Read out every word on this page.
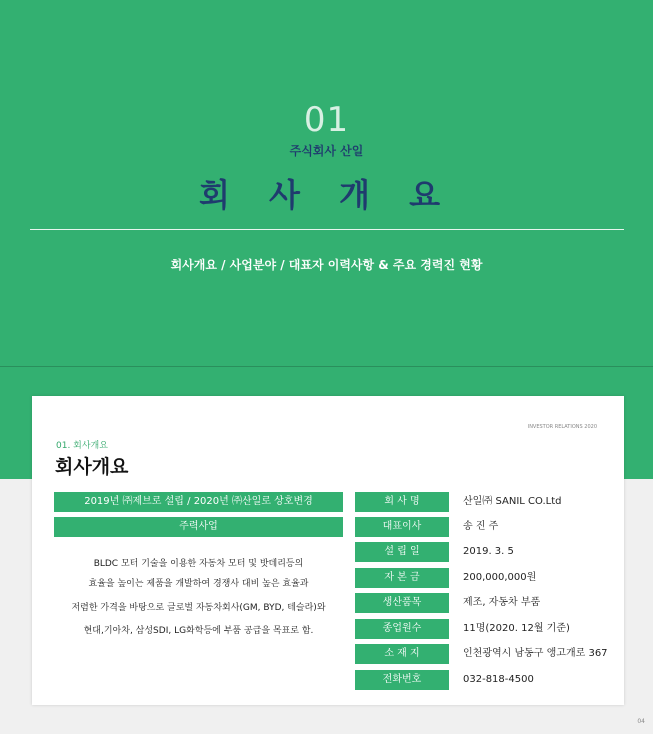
01
주식회사 산일
회 사 개 요
회사개요 / 사업분야 / 대표자 이력사항 & 주요 경력진 현황
INVESTOR RELATIONS 2020
01. 회사개요
회사개요
2019년 ㈜제브로 설립 / 2020년 ㈜산일로 상호변경
주력사업
BLDC 모터 기술을 이용한 자동차 모터 및 밧데리등의
효율을 높이는 제품을 개발하여 경쟁사 대비 높은 효율과
저렴한 가격을 바탕으로 글로벌 자동차회사(GM, BYD, 테슬라)와
현대,기아차, 삼성SDI, LG화학등에 부품 공급을 목표로 함.
회 사 명	산일㈜ SANIL CO.Ltd
대표이사	송 진 주
설 립 일	2019. 3. 5
자 본 금	200,000,000원
생산품목	제조, 자동차 부품
종업원수	11명(2020. 12월 기준)
소 재 지	인천광역시 남동구 앵고개로 367
전화번호	032-818-4500
04
